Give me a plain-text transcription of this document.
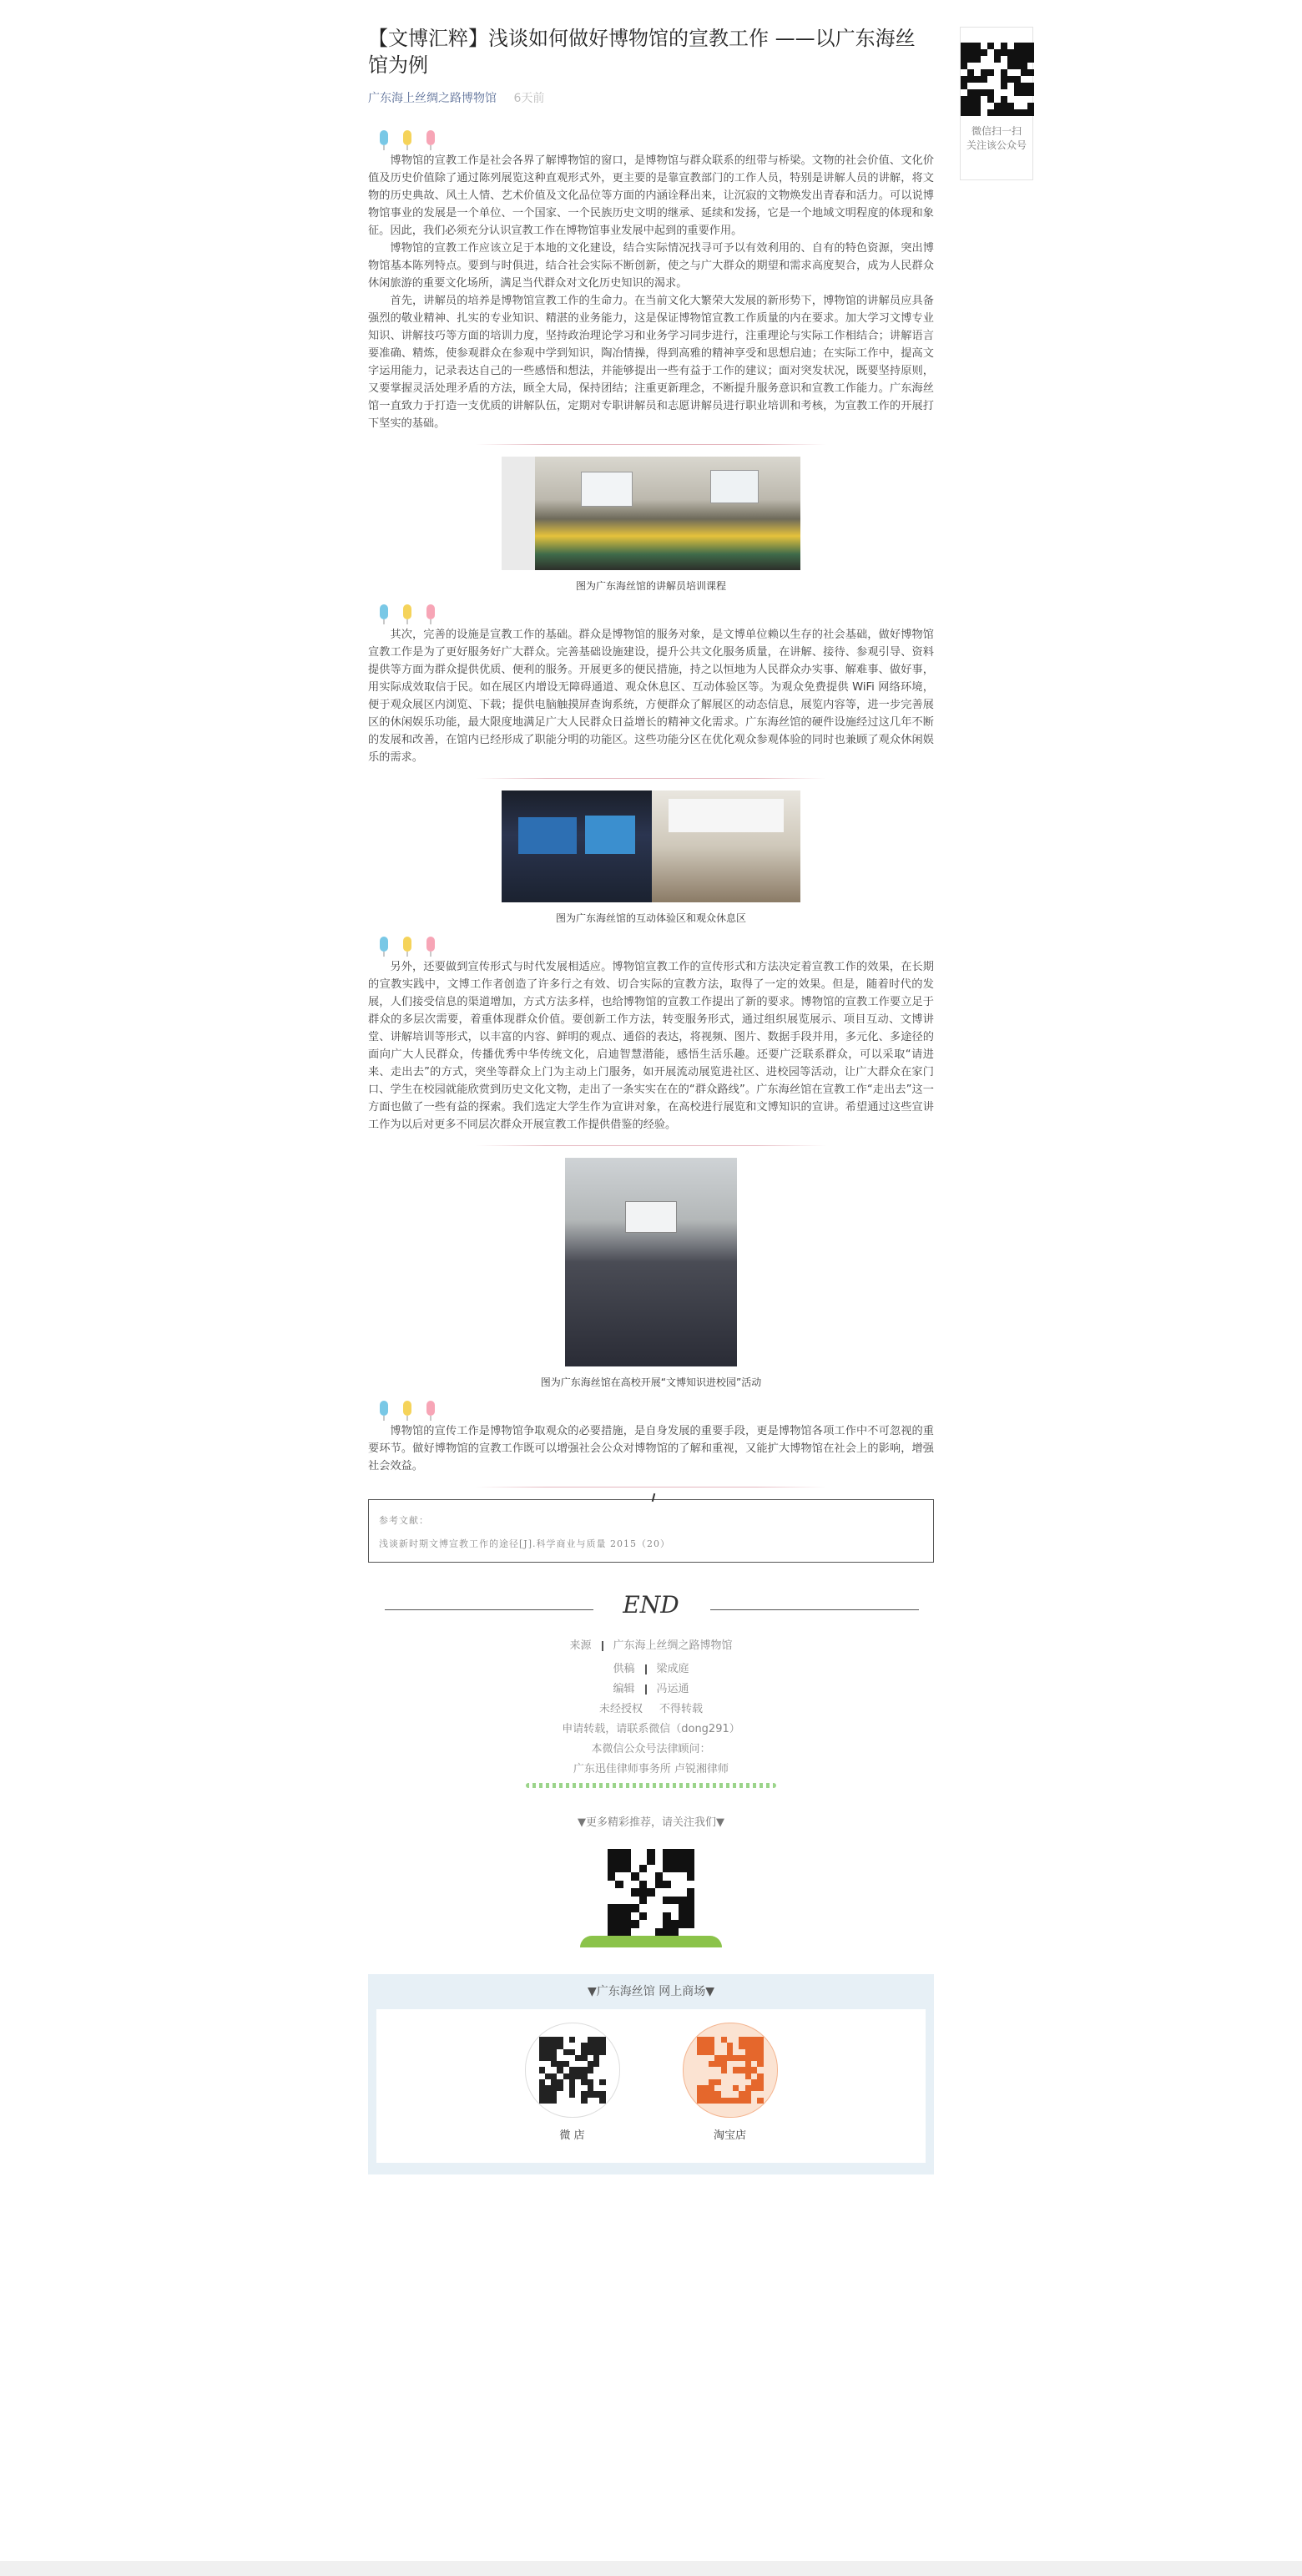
【文博汇粹】浅谈如何做好博物馆的宣教工作 ——以广东海丝馆为例
广东海上丝绸之路博物馆 6天前

博物馆的宣教工作是社会各界了解博物馆的窗口，是博物馆与群众联系的纽带与桥梁。文物的社会价值、文化价值及历史价值除了通过陈列展览这种直观形式外，更主要的是靠宣教部门的工作人员，特别是讲解人员的讲解，将文物的历史典故、风土人情、艺术价值及文化品位等方面的内涵诠释出来，让沉寂的文物焕发出青春和活力。可以说博物馆事业的发展是一个单位、一个国家、一个民族历史文明的继承、延续和发扬，它是一个地域文明程度的体现和象征。因此，我们必须充分认识宣教工作在博物馆事业发展中起到的重要作用。

博物馆的宣教工作应该立足于本地的文化建设，结合实际情况找寻可予以有效利用的、自有的特色资源，突出博物馆基本陈列特点。要到与时俱进，结合社会实际不断创新，使之与广大群众的期望和需求高度契合，成为人民群众休闲旅游的重要文化场所，满足当代群众对文化历史知识的渴求。

首先，讲解员的培养是博物馆宣教工作的生命力。在当前文化大繁荣大发展的新形势下，博物馆的讲解员应具备强烈的敬业精神、扎实的专业知识、精湛的业务能力，这是保证博物馆宣教工作质量的内在要求。加大学习文博专业知识、讲解技巧等方面的培训力度，坚持政治理论学习和业务学习同步进行，注重理论与实际工作相结合；讲解语言要准确、精炼，使参观群众在参观中学到知识，陶冶情操，得到高雅的精神享受和思想启迪；在实际工作中，提高文字运用能力，记录表达自己的一些感悟和想法，并能够提出一些有益于工作的建议；面对突发状况，既要坚持原则，又要掌握灵活处理矛盾的方法，顾全大局，保持团结；注重更新理念，不断提升服务意识和宣教工作能力。广东海丝馆一直致力于打造一支优质的讲解队伍，定期对专职讲解员和志愿讲解员进行职业培训和考核，为宣教工作的开展打下坚实的基础。

图为广东海丝馆的讲解员培训课程

其次，完善的设施是宣教工作的基础。群众是博物馆的服务对象，是文博单位赖以生存的社会基础，做好博物馆宣教工作是为了更好服务好广大群众。完善基础设施建设，提升公共文化服务质量，在讲解、接待、参观引导、资料提供等方面为群众提供优质、便利的服务。开展更多的便民措施，持之以恒地为人民群众办实事、解难事、做好事，用实际成效取信于民。如在展区内增设无障碍通道、观众休息区、互动体验区等。为观众免费提供 WiFi 网络环境，便于观众展区内浏览、下载；提供电脑触摸屏查询系统，方便群众了解展区的动态信息，展览内容等，进一步完善展区的休闲娱乐功能，最大限度地满足广大人民群众日益增长的精神文化需求。广东海丝馆的硬件设施经过这几年不断的发展和改善，在馆内已经形成了职能分明的功能区。这些功能分区在优化观众参观体验的同时也兼顾了观众休闲娱乐的需求。

图为广东海丝馆的互动体验区和观众休息区

另外，还要做到宣传形式与时代发展相适应。博物馆宣教工作的宣传形式和方法决定着宣教工作的效果，在长期的宣教实践中，文博工作者创造了许多行之有效、切合实际的宣教方法，取得了一定的效果。但是，随着时代的发展，人们接受信息的渠道增加，方式方法多样，也给博物馆的宣教工作提出了新的要求。博物馆的宣教工作要立足于群众的多层次需要，着重体现群众价值。要创新工作方法，转变服务形式，通过组织展览展示、项目互动、文博讲堂、讲解培训等形式，以丰富的内容、鲜明的观点、通俗的表达，将视频、图片、数据手段并用，多元化、多途径的面向广大人民群众，传播优秀中华传统文化，启迪智慧潜能，感悟生活乐趣。还要广泛联系群众，可以采取“请进来、走出去”的方式，突坐等群众上门为主动上门服务，如开展流动展览进社区、进校园等活动，让广大群众在家门口、学生在校园就能欣赏到历史文化文物，走出了一条实实在在的“群众路线”。广东海丝馆在宣教工作“走出去”这一方面也做了一些有益的探索。我们选定大学生作为宣讲对象，在高校进行展览和文博知识的宣讲。希望通过这些宣讲工作为以后对更多不同层次群众开展宣教工作提供借鉴的经验。

图为广东海丝馆在高校开展“文博知识进校园”活动

博物馆的宣传工作是博物馆争取观众的必要措施，是自身发展的重要手段，更是博物馆各项工作中不可忽视的重要环节。做好博物馆的宣教工作既可以增强社会公众对博物馆的了解和重视，又能扩大博物馆在社会上的影响，增强社会效益。

参考文献：
浅谈新时期文博宣教工作的途径[J].科学商业与质量 2015（20）
END
来源 广东海上丝绸之路博物馆
供稿 梁成庭
编辑 冯运通
未经授权 不得转载
申请转载，请联系微信（dong291）
本微信公众号法律顾问：
广东迅佳律师事务所 卢锐湘律师
▼更多精彩推荐，请关注我们▼
▼广东海丝馆 网上商场▼
微 店	淘宝店
微信扫一扫
关注该公众号
